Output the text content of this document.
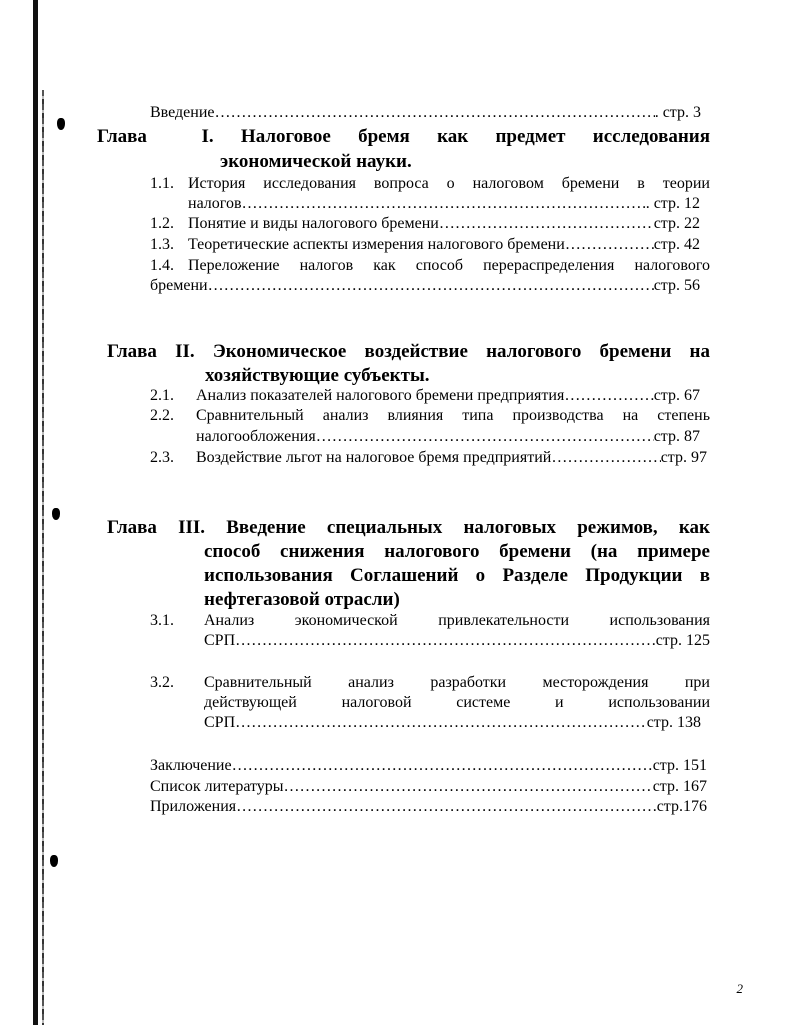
Введение ……………………………………………………………………………………………………………………	. стр. 3
Глава	I. Налоговое бремя как предмет исследования
экономической науки.
1.1. История исследования вопроса о налоговом бремени в теории
налогов ……………………………………………………………………………………………………………………	. стр. 12
1.2. Понятие и виды налогового бремени ……………………………………………………………………………………………………………………	стр. 22
1.3. Теоретические аспекты измерения налогового бремени ……………………………………………………………………………………………………………………	стр. 42
1.4. Переложение налогов как способ перераспределения налогового
бремени ……………………………………………………………………………………………………………………	стр. 56
Глава II. Экономическое воздействие налогового бремени на
хозяйствующие субъекты.
2.1. Анализ показателей налогового бремени предприятия ……………………………………………………………………………………………………………………	стр. 67
2.2. Сравнительный анализ влияния типа производства на степень
налогообложения ……………………………………………………………………………………………………………………	стр. 87
2.3. Воздействие льгот на налоговое бремя предприятий ……………………………………………………………………………………………………………………	стр. 97
Глава III. Введение специальных налоговых режимов, как
способ снижения налогового бремени (на примере
использования Соглашений о Разделе Продукции в
нефтегазовой отрасли)
3.1. Анализ экономической привлекательности использования
СРП ……………………………………………………………………………………………………………………	стр. 125
3.2. Сравнительный анализ разработки месторождения при
действующей налоговой системе и использовании
СРП ……………………………………………………………………………………………………………………	стр. 138
Заключение ……………………………………………………………………………………………………………………	стр. 151
Список литературы ……………………………………………………………………………………………………………………	стр. 167
Приложения ……………………………………………………………………………………………………………………	стр.176
2
